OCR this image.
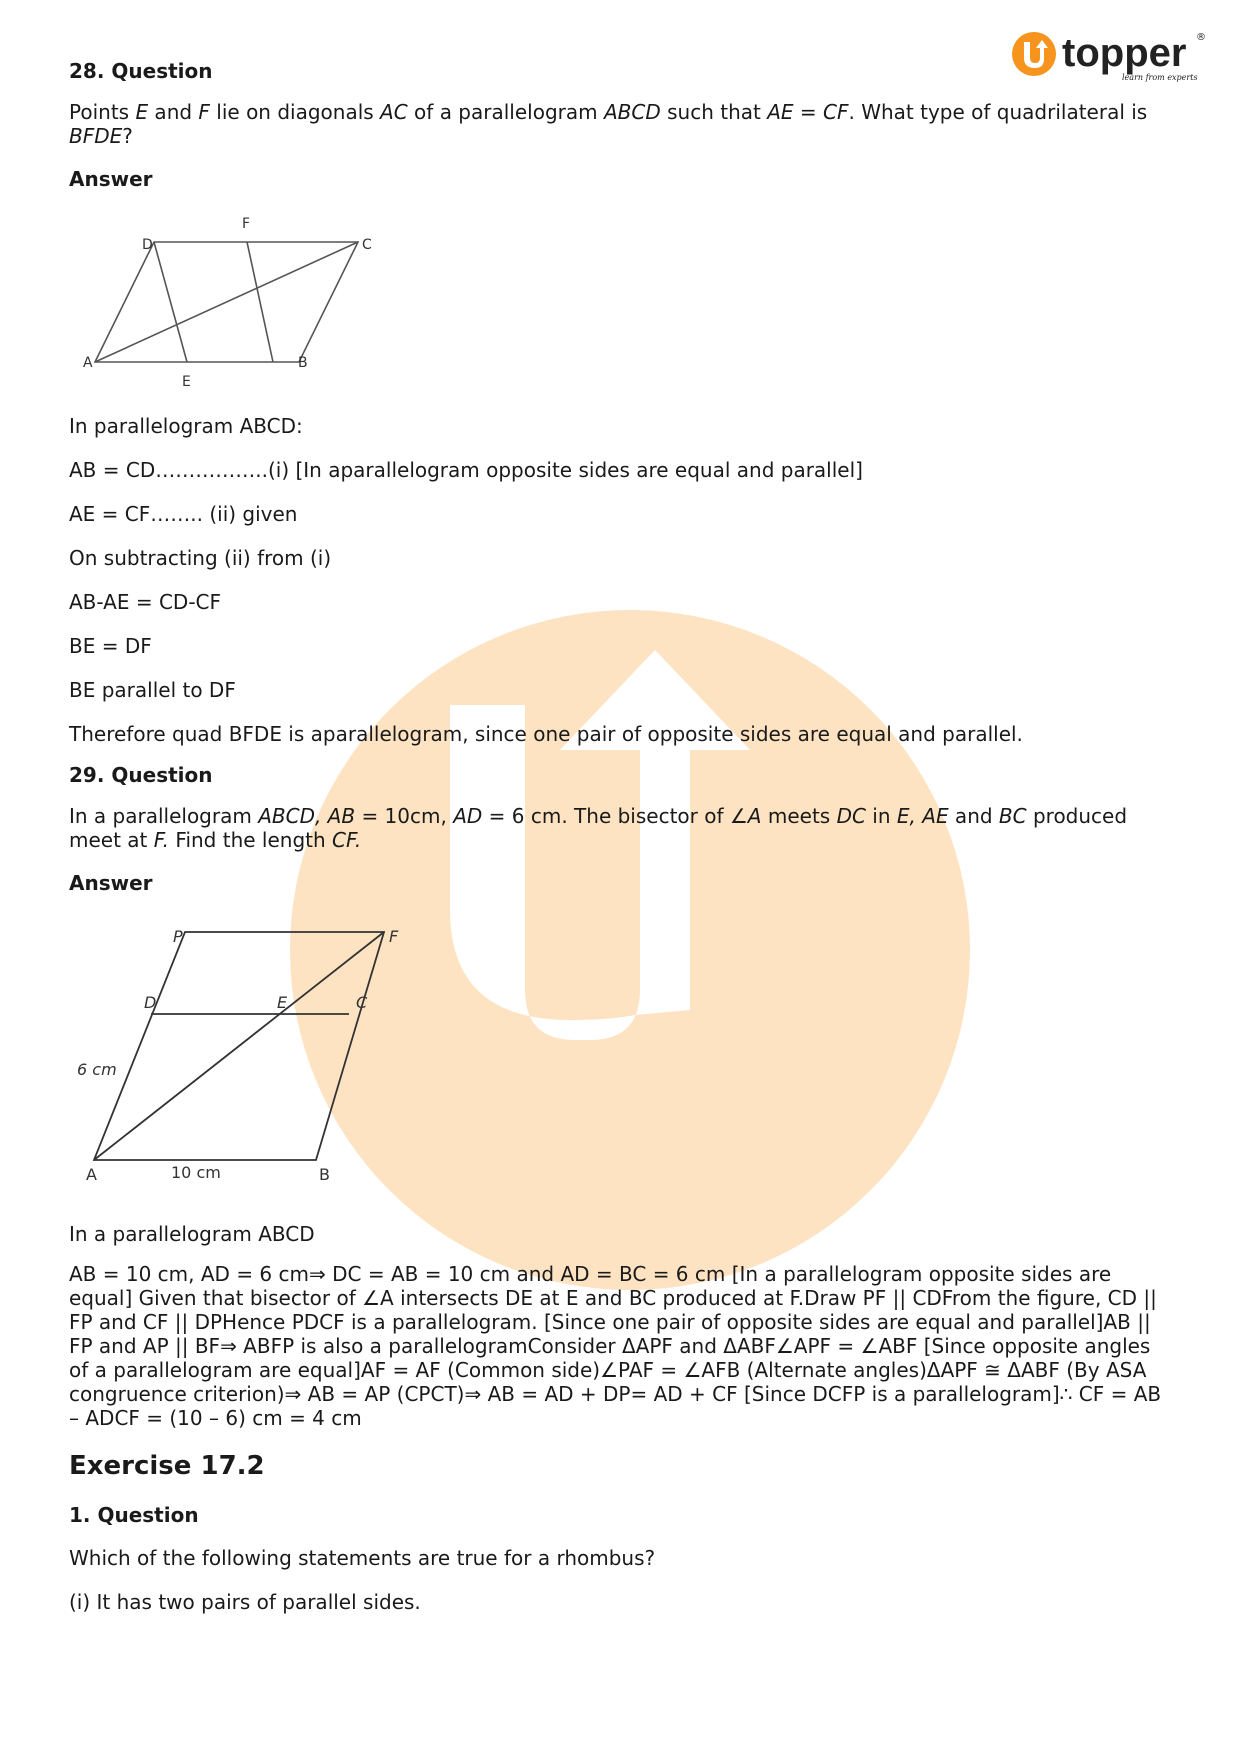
topper
learn from experts
®
28. Question

Points E and F lie on diagonals AC of a parallelogram ABCD such that AE = CF. What type of quadrilateral is BFDE?

Answer
A	B
C
D
E
F

In parallelogram ABCD:

AB = CD……………..(i) [In aparallelogram opposite sides are equal and parallel]

AE = CF…….. (ii) given

On subtracting (ii) from (i)

AB-AE = CD-CF

BE = DF

BE parallel to DF

Therefore quad BFDE is aparallelogram, since one pair of opposite sides are equal and parallel.

29. Question

In a parallelogram ABCD, AB = 10cm, AD = 6 cm. The bisector of ∠A meets DC in E, AE and BC produced

meet at F. Find the length CF.

Answer
P	F
D	E	C
6 cm
A	10 cm	B

In a parallelogram ABCD

AB = 10 cm, AD = 6 cm⇒ DC = AB = 10 cm and AD = BC = 6 cm [In a parallelogram opposite sides are

equal] Given that bisector of ∠A intersects DE at E and BC produced at F.Draw PF || CDFrom the figure, CD ||

FP and CF || DPHence PDCF is a parallelogram. [Since one pair of opposite sides are equal and parallel]AB ||

FP and AP || BF⇒ ABFP is also a parallelogramConsider ΔAPF and ΔABF∠APF = ∠ABF [Since opposite angles

of a parallelogram are equal]AF = AF (Common side)∠PAF = ∠AFB (Alternate angles)ΔAPF ≅ ΔABF (By ASA

congruence criterion)⇒ AB = AP (CPCT)⇒ AB = AD + DP= AD + CF [Since DCFP is a parallelogram]∴ CF = AB

– ADCF = (10 – 6) cm = 4 cm

Exercise 17.2
1. Question

Which of the following statements are true for a rhombus?

(i) It has two pairs of parallel sides.
